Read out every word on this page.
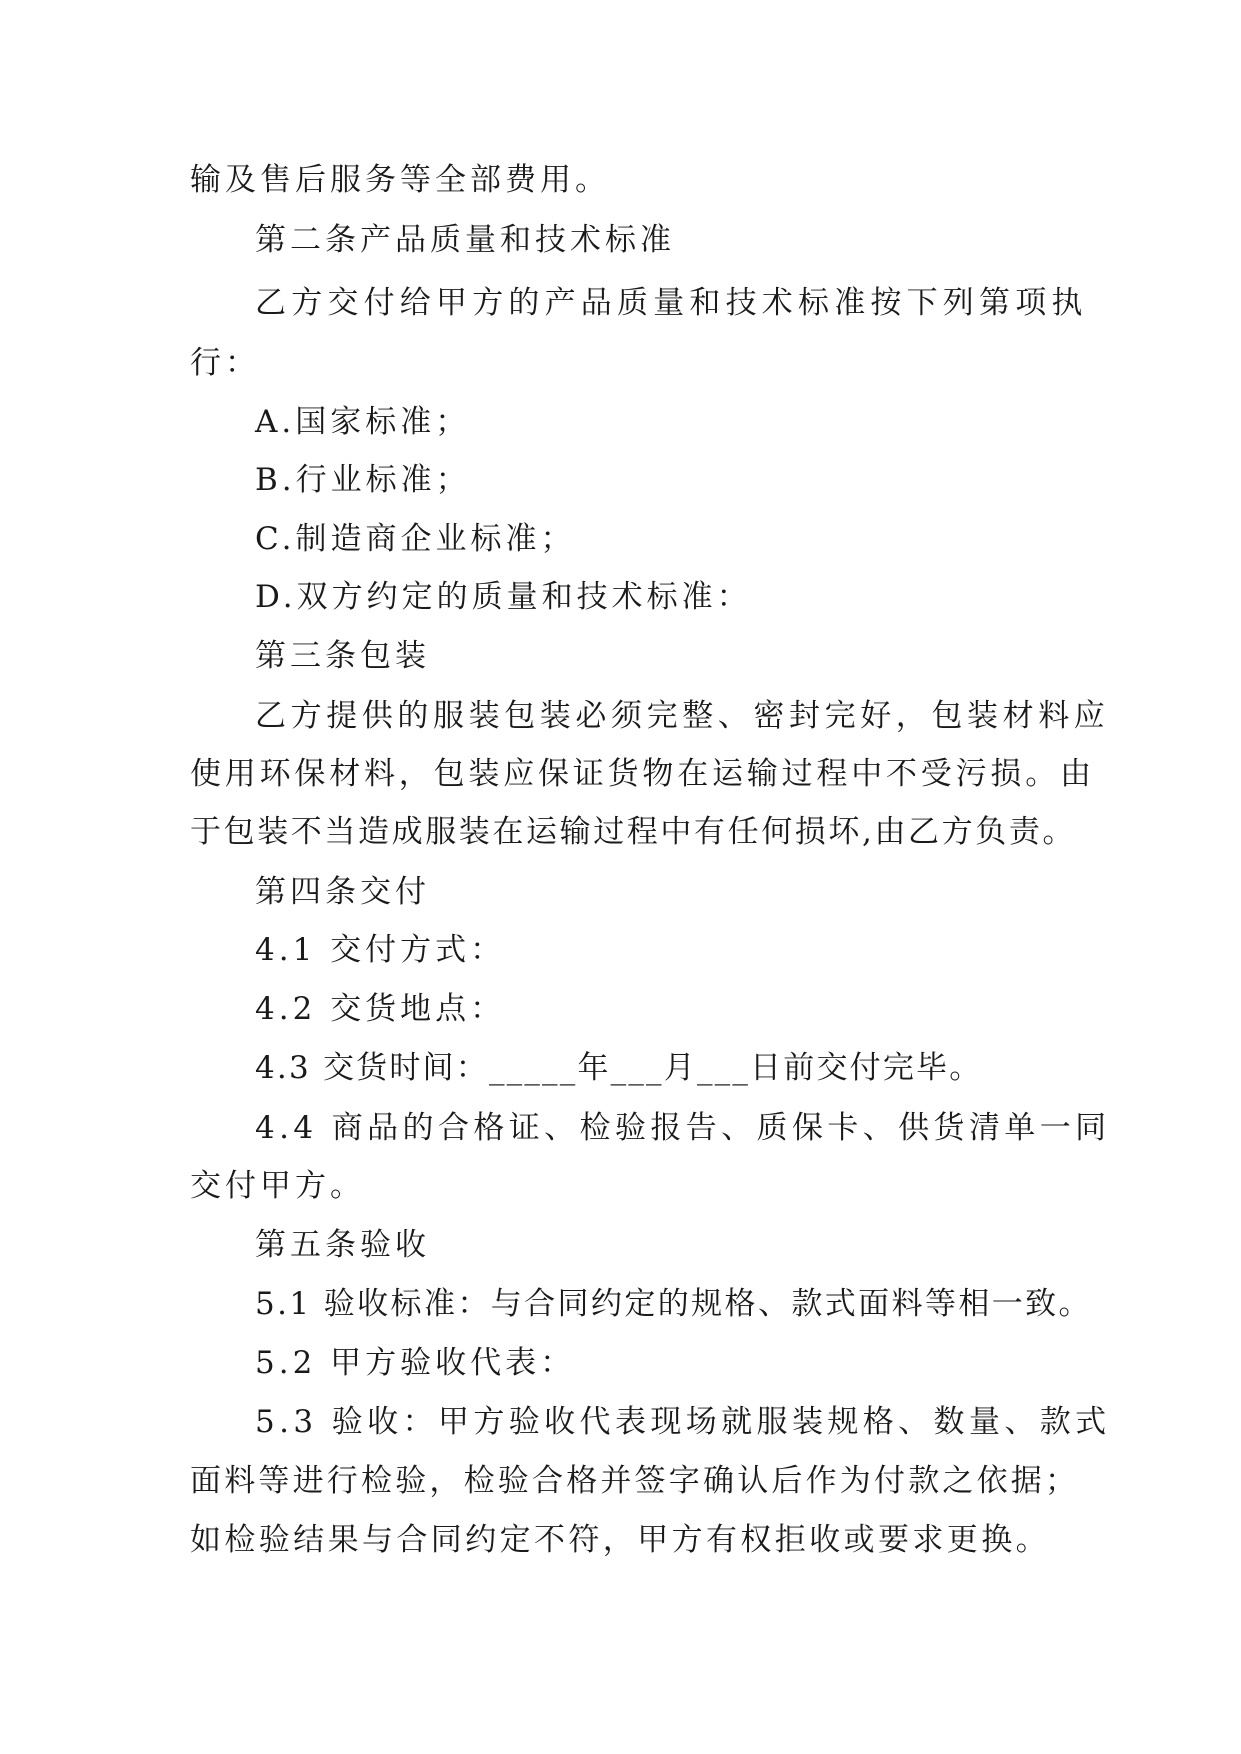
输及售后服务等全部费用。
第二条产品质量和技术标准
乙方交付给甲方的产品质量和技术标准按下列第项执
行：
A.国家标准；
B.行业标准；
C.制造商企业标准；
D.双方约定的质量和技术标准：
第三条包装
乙方提供的服装包装必须完整、密封完好，包装材料应
使用环保材料，包装应保证货物在运输过程中不受污损。由
于包装不当造成服装在运输过程中有任何损坏,由乙方负责。
第四条交付
4.1 交付方式：
4.2 交货地点：
4.3 交货时间：_____年___月___日前交付完毕。
4.4 商品的合格证、检验报告、质保卡、供货清单一同
交付甲方。
第五条验收
5.1 验收标准：与合同约定的规格、款式面料等相一致。
5.2 甲方验收代表：
5.3 验收：甲方验收代表现场就服装规格、数量、款式
面料等进行检验，检验合格并签字确认后作为付款之依据；
如检验结果与合同约定不符，甲方有权拒收或要求更换。
